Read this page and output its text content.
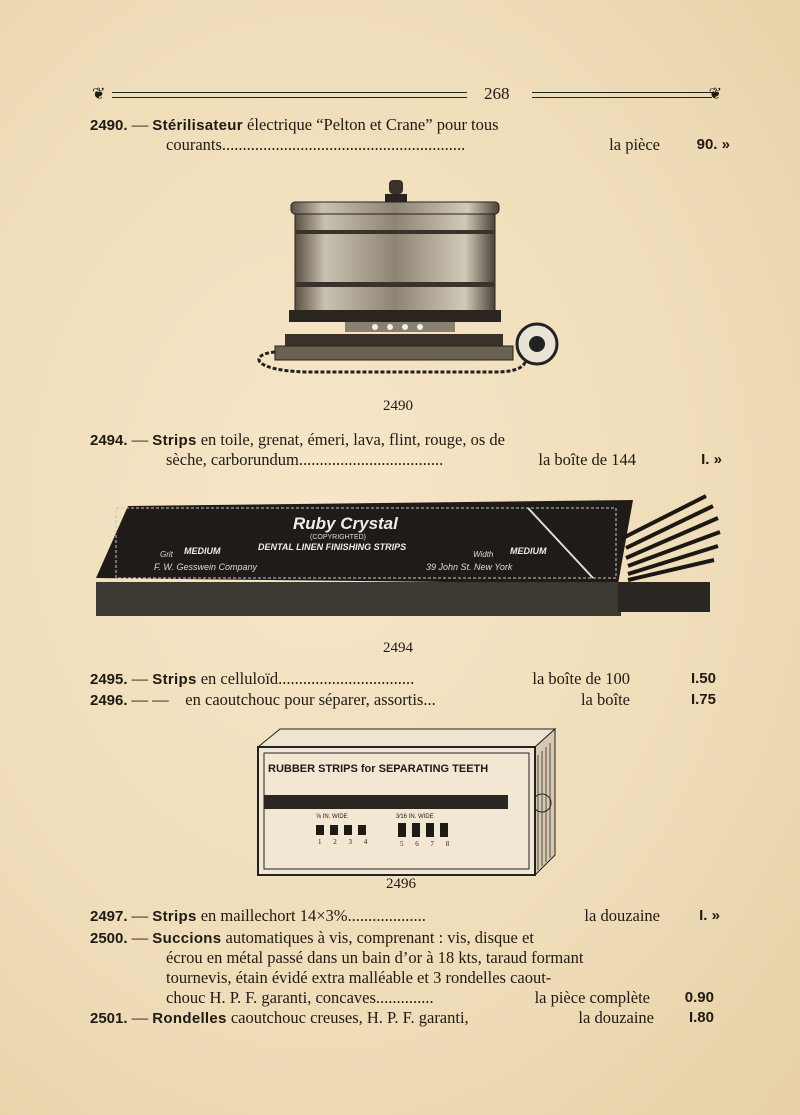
❦	268	❦
2490. — Stérilisateur électrique “Pelton et Crane” pour tous
courants...........................................................	la pièce 90. »
2490
2494. — Strips en toile, grenat, émeri, lava, flint, rouge, os de
sèche, carborundum...................................	la boîte de 144	I. »
Ruby Crystal
(COPYRIGHTED)
DENTAL LINEN FINISHING STRIPS
Grit MEDIUM	Width MEDIUM
F. W. Gesswein Company	39 John St. New York
2494
2495. — Strips en celluloïd.................................	la boîte de 100	I.50
2496. — — en caoutchouc pour séparer, assortis...	la boîte	I.75
RUBBER STRIPS for SEPARATING TEETH
⅝ IN. WIDE	3⁄16 IN. WIDE
1 2 3 4	5 6 7 8
2496
2497. — Strips en maillechort 14×3%...................	la douzaine	I. »
2500. — Succions automatiques à vis, comprenant : vis, disque et
écrou en métal passé dans un bain d’or à 18 kts, taraud formant
tournevis, étain évidé extra malléable et 3 rondelles caout-
chouc H. P. F. garanti, concaves..............	la pièce complète 0.90
2501. — Rondelles caoutchouc creuses, H. P. F. garanti,	la douzaine I.80
